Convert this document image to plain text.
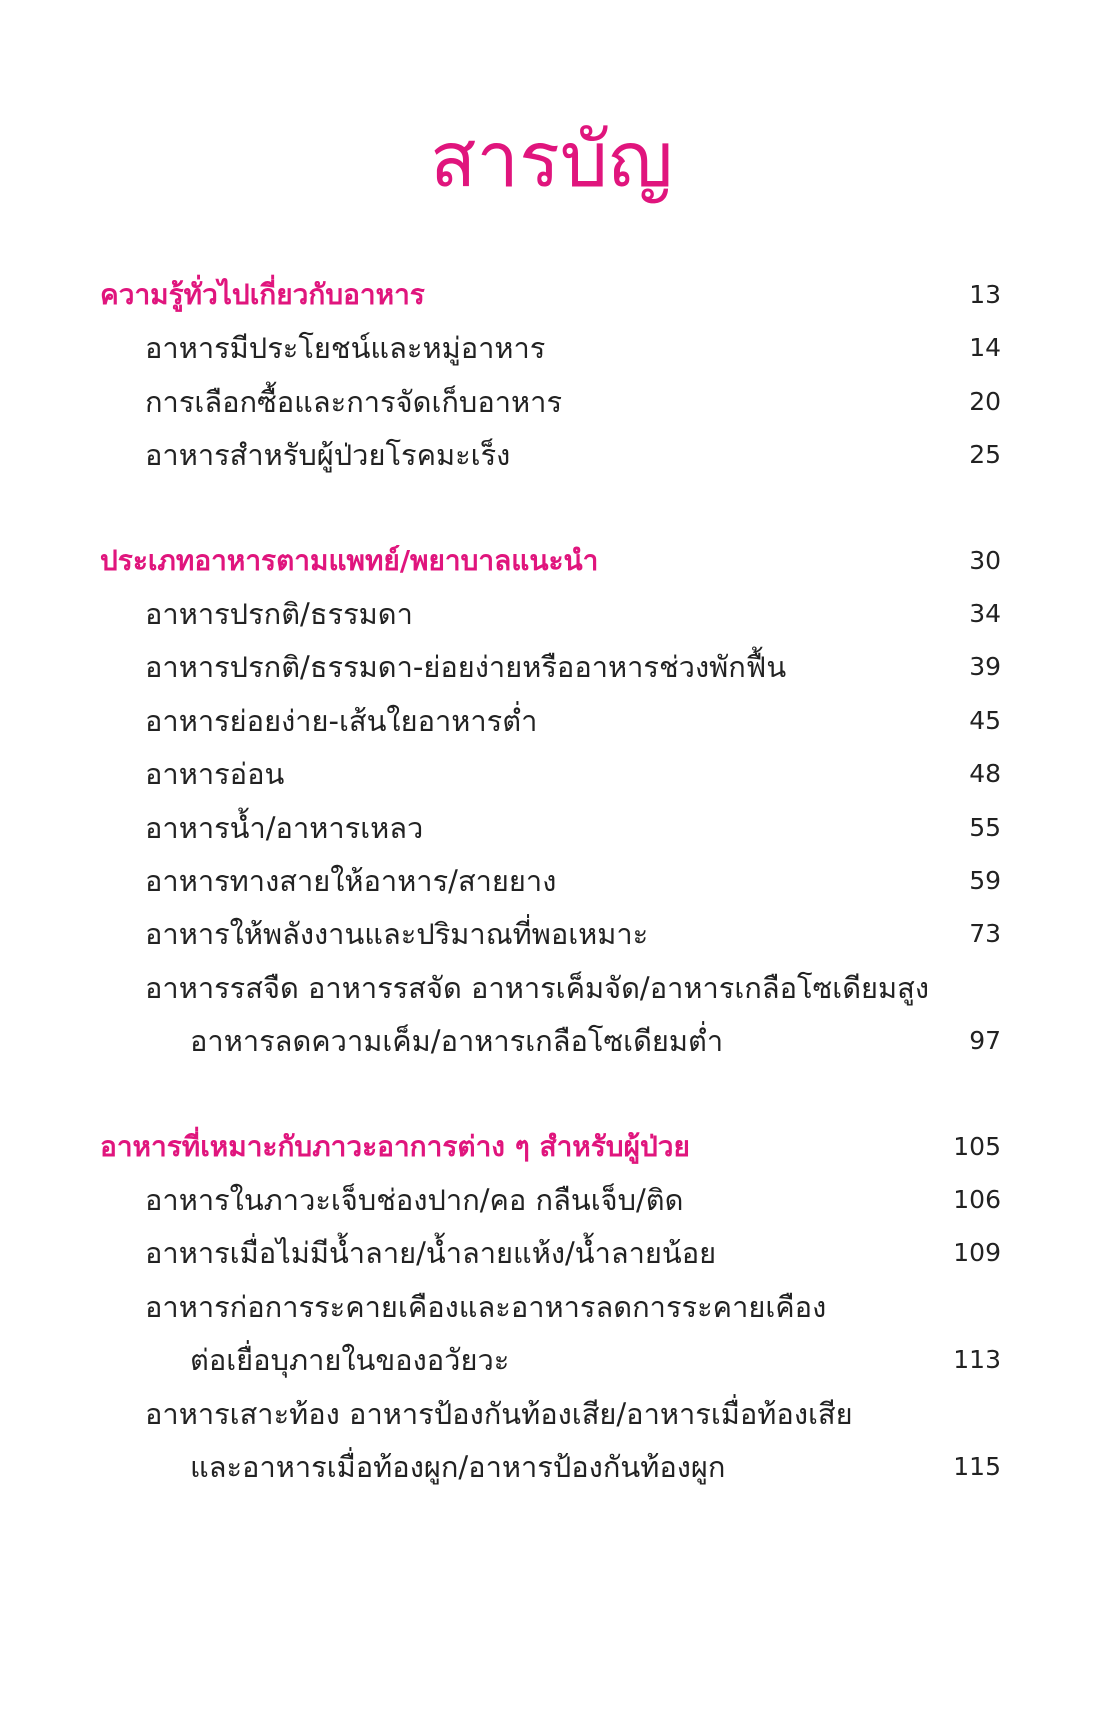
สารบัญ
ความรู้ทั่วไปเกี่ยวกับอาหาร	13
อาหารมีประโยชน์และหมู่อาหาร	14
การเลือกซื้อและการจัดเก็บอาหาร	20
อาหารสำหรับผู้ป่วยโรคมะเร็ง	25
ประเภทอาหารตามแพทย์/พยาบาลแนะนำ	30
อาหารปรกติ/ธรรมดา	34
อาหารปรกติ/ธรรมดา-ย่อยง่ายหรืออาหารช่วงพักฟื้น	39
อาหารย่อยง่าย-เส้นใยอาหารต่ำ	45
อาหารอ่อน	48
อาหารน้ำ/อาหารเหลว	55
อาหารทางสายให้อาหาร/สายยาง	59
อาหารให้พลังงานและปริมาณที่พอเหมาะ	73
อาหารรสจืด อาหารรสจัด อาหารเค็มจัด/อาหารเกลือโซเดียมสูง
อาหารลดความเค็ม/อาหารเกลือโซเดียมต่ำ	97
อาหารที่เหมาะกับภาวะอาการต่าง ๆ สำหรับผู้ป่วย	105
อาหารในภาวะเจ็บช่องปาก/คอ กลืนเจ็บ/ติด	106
อาหารเมื่อไม่มีน้ำลาย/น้ำลายแห้ง/น้ำลายน้อย	109
อาหารก่อการระคายเคืองและอาหารลดการระคายเคือง
ต่อเยื่อบุภายในของอวัยวะ	113
อาหารเสาะท้อง อาหารป้องกันท้องเสีย/อาหารเมื่อท้องเสีย
และอาหารเมื่อท้องผูก/อาหารป้องกันท้องผูก	115
